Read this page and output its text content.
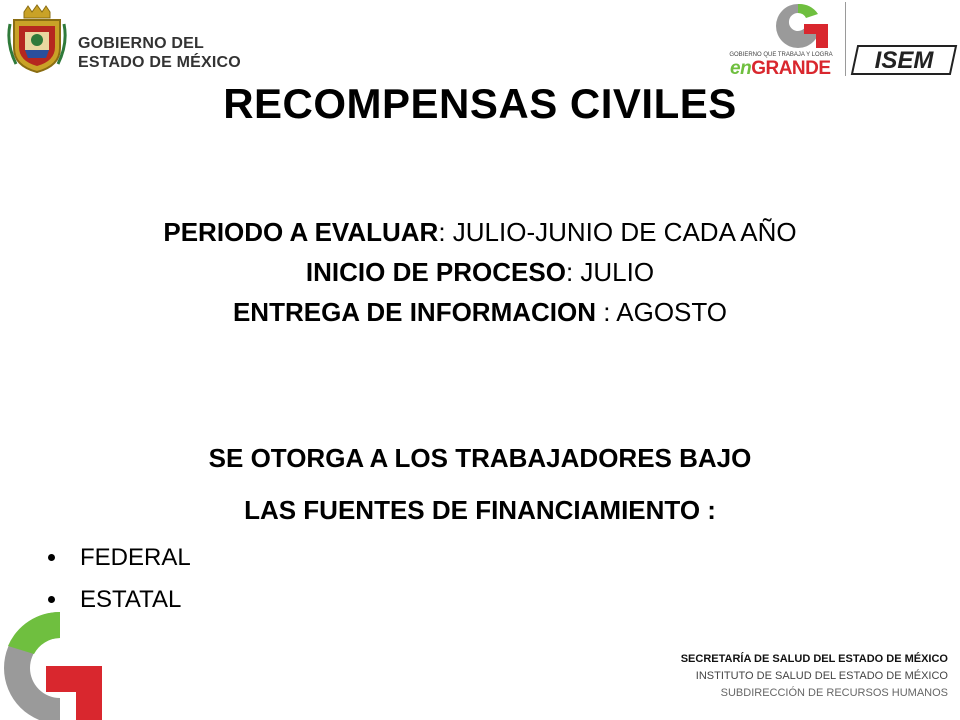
GOBIERNO DEL
ESTADO DE MÉXICO	GOBIERNO QUE TRABAJA Y LOGRA
enGRANDE ISEM
RECOMPENSAS CIVILES
PERIODO A EVALUAR: JULIO-JUNIO DE CADA AÑO
INICIO DE PROCESO: JULIO
ENTREGA DE INFORMACION : AGOSTO
SE OTORGA A LOS TRABAJADORES BAJO
LAS FUENTES DE FINANCIAMIENTO :
FEDERAL
ESTATAL
SECRETARÍA DE SALUD DEL ESTADO DE MÉXICO
INSTITUTO DE SALUD DEL ESTADO DE MÉXICO
SUBDIRECCIÓN DE RECURSOS HUMANOS
